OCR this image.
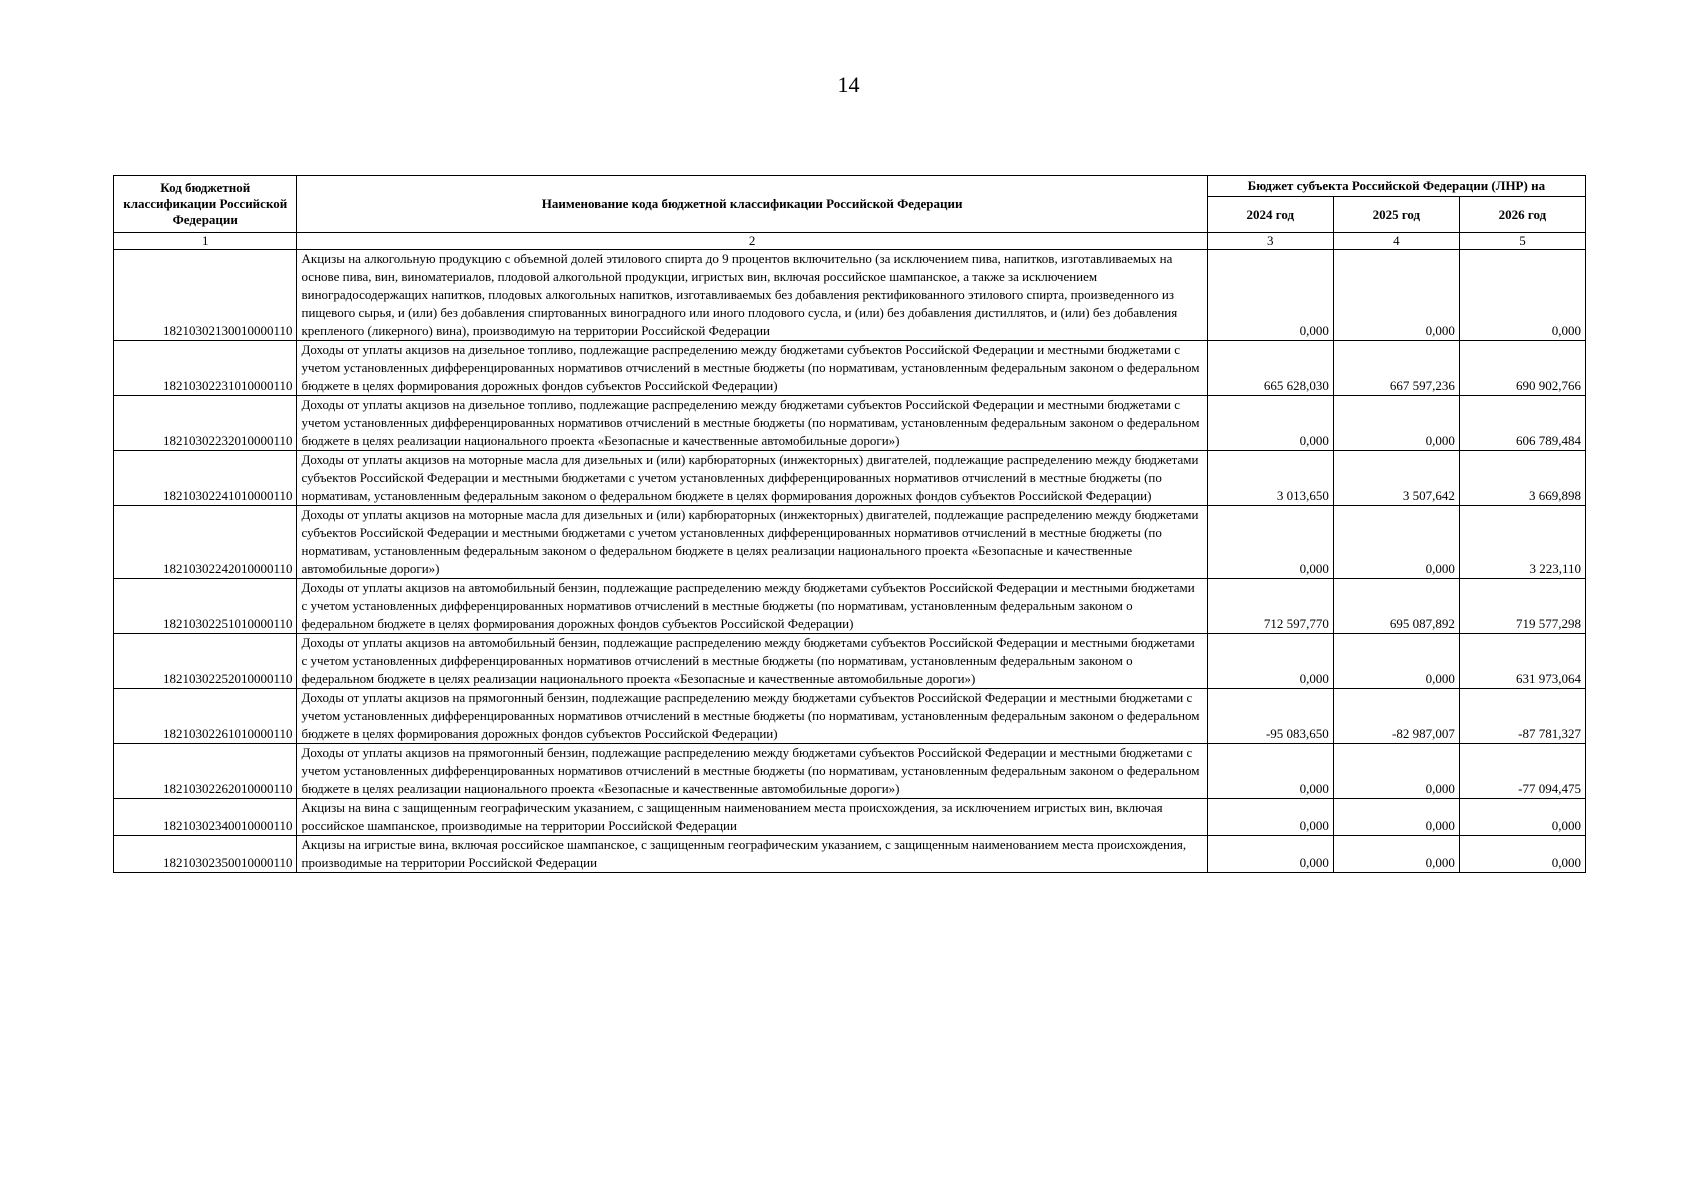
14
Код бюджетной классификации Российской Федерации	Наименование кода бюджетной классификации Российской Федерации	Бюджет субъекта Российской Федерации (ЛНР) на		
		2024 год	2025 год	2026 год
1	2	3	4	5
18210302130010000110	Акцизы на алкогольную продукцию с объемной долей этилового спирта до 9 процентов включительно (за исключением пива, напитков, изготавливаемых на основе пива, вин, виноматериалов, плодовой алкогольной продукции, игристых вин, включая российское шампанское, а также за исключением виноградосодержащих напитков, плодовых алкогольных напитков, изготавливаемых без добавления ректификованного этилового спирта, произведенного из пищевого сырья, и (или) без добавления спиртованных виноградного или иного плодового сусла, и (или) без добавления дистиллятов, и (или) без добавления крепленого (ликерного) вина), производимую на территории Российской Федерации	0,000	0,000	0,000
18210302231010000110	Доходы от уплаты акцизов на дизельное топливо, подлежащие распределению между бюджетами субъектов Российской Федерации и местными бюджетами с учетом установленных дифференцированных нормативов отчислений в местные бюджеты (по нормативам, установленным федеральным законом о федеральном бюджете в целях формирования дорожных фондов субъектов Российской Федерации)	665 628,030	667 597,236	690 902,766
18210302232010000110	Доходы от уплаты акцизов на дизельное топливо, подлежащие распределению между бюджетами субъектов Российской Федерации и местными бюджетами с учетом установленных дифференцированных нормативов отчислений в местные бюджеты (по нормативам, установленным федеральным законом о федеральном бюджете в целях реализации национального проекта «Безопасные и качественные автомобильные дороги»)	0,000	0,000	606 789,484
18210302241010000110	Доходы от уплаты акцизов на моторные масла для дизельных и (или) карбюраторных (инжекторных) двигателей, подлежащие распределению между бюджетами субъектов Российской Федерации и местными бюджетами с учетом установленных дифференцированных нормативов отчислений в местные бюджеты (по нормативам, установленным федеральным законом о федеральном бюджете в целях формирования дорожных фондов субъектов Российской Федерации)	3 013,650	3 507,642	3 669,898
18210302242010000110	Доходы от уплаты акцизов на моторные масла для дизельных и (или) карбюраторных (инжекторных) двигателей, подлежащие распределению между бюджетами субъектов Российской Федерации и местными бюджетами с учетом установленных дифференцированных нормативов отчислений в местные бюджеты (по нормативам, установленным федеральным законом о федеральном бюджете в целях реализации национального проекта «Безопасные и качественные автомобильные дороги»)	0,000	0,000	3 223,110
18210302251010000110	Доходы от уплаты акцизов на автомобильный бензин, подлежащие распределению между бюджетами субъектов Российской Федерации и местными бюджетами с учетом установленных дифференцированных нормативов отчислений в местные бюджеты (по нормативам, установленным федеральным законом о федеральном бюджете в целях формирования дорожных фондов субъектов Российской Федерации)	712 597,770	695 087,892	719 577,298
18210302252010000110	Доходы от уплаты акцизов на автомобильный бензин, подлежащие распределению между бюджетами субъектов Российской Федерации и местными бюджетами с учетом установленных дифференцированных нормативов отчислений в местные бюджеты (по нормативам, установленным федеральным законом о федеральном бюджете в целях реализации национального проекта «Безопасные и качественные автомобильные дороги»)	0,000	0,000	631 973,064
18210302261010000110	Доходы от уплаты акцизов на прямогонный бензин, подлежащие распределению между бюджетами субъектов Российской Федерации и местными бюджетами с учетом установленных дифференцированных нормативов отчислений в местные бюджеты (по нормативам, установленным федеральным законом о федеральном бюджете в целях формирования дорожных фондов субъектов Российской Федерации)	-95 083,650	-82 987,007	-87 781,327
18210302262010000110	Доходы от уплаты акцизов на прямогонный бензин, подлежащие распределению между бюджетами субъектов Российской Федерации и местными бюджетами с учетом установленных дифференцированных нормативов отчислений в местные бюджеты (по нормативам, установленным федеральным законом о федеральном бюджете в целях реализации национального проекта «Безопасные и качественные автомобильные дороги»)	0,000	0,000	-77 094,475
18210302340010000110	Акцизы на вина с защищенным географическим указанием, с защищенным наименованием места происхождения, за исключением игристых вин, включая российское шампанское, производимые на территории Российской Федерации	0,000	0,000	0,000
18210302350010000110	Акцизы на игристые вина, включая российское шампанское, с защищенным географическим указанием, с защищенным наименованием места происхождения, производимые на территории Российской Федерации	0,000	0,000	0,000
